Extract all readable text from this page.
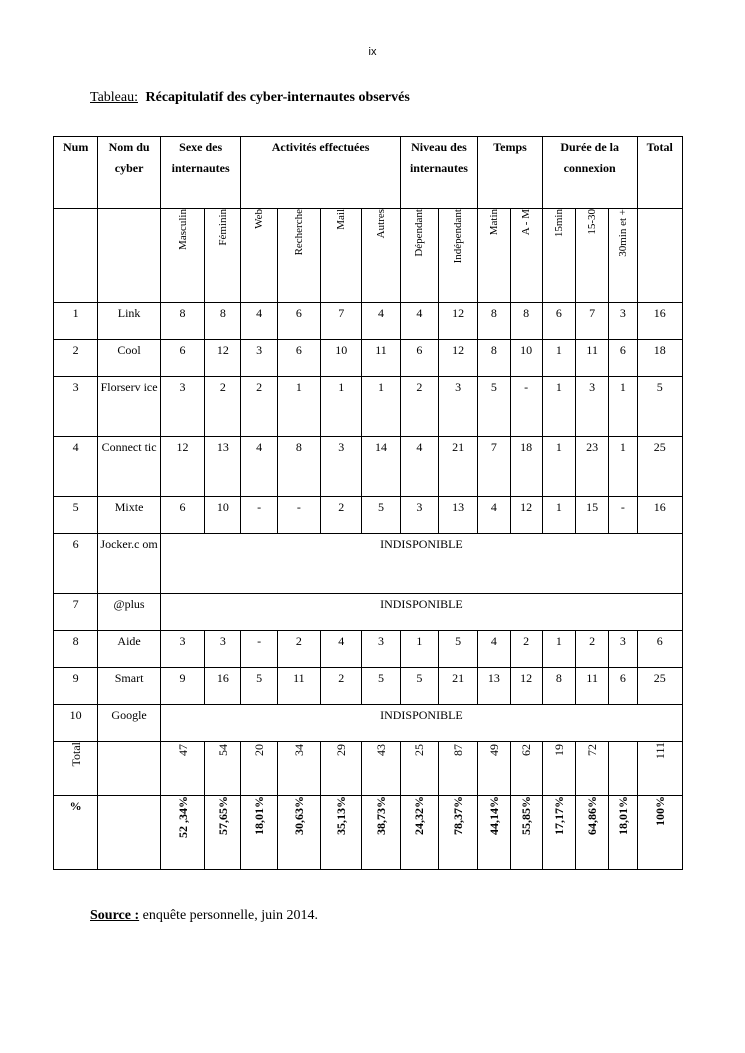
ix
Tableau: Récapitulatif des cyber-internautes observés
Num	Nom du cyber	Sexe des internautes		Activités effectuées				Niveau des internautes		Temps		Durée de la connexion			Total
		Masculin	Féminin	Web	Recherche	Mail	Autres	Dépendant	Indépendant	Matin	A - M	15min	15-30	30min et +	
1	Link	8	8	4	6	7	4	4	12	8	8	6	7	3	16
2	Cool	6	12	3	6	10	11	6	12	8	10	1	11	6	18
3	Florserv ice	3	2	2	1	1	1	2	3	5	-	1	3	1	5
4	Connect tic	12	13	4	8	3	14	4	21	7	18	1	23	1	25
5	Mixte	6	10	-	-	2	5	3	13	4	12	1	15	-	16
6	Jocker.c om	INDISPONIBLE													
7	@plus	INDISPONIBLE													
8	Aide	3	3	-	2	4	3	1	5	4	2	1	2	3	6
9	Smart	9	16	5	11	2	5	5	21	13	12	8	11	6	25
10	Google	INDISPONIBLE													
Total		47	54	20	34	29	43	25	87	49	62	19	72		111
%		52 ,34%	57,65%	18,01%	30,63%	35,13%	38,73%	24,32%	78,37%	44,14%	55,85%	17,17%	64,86%	18,01%	100%
Source : enquête personnelle, juin 2014.
